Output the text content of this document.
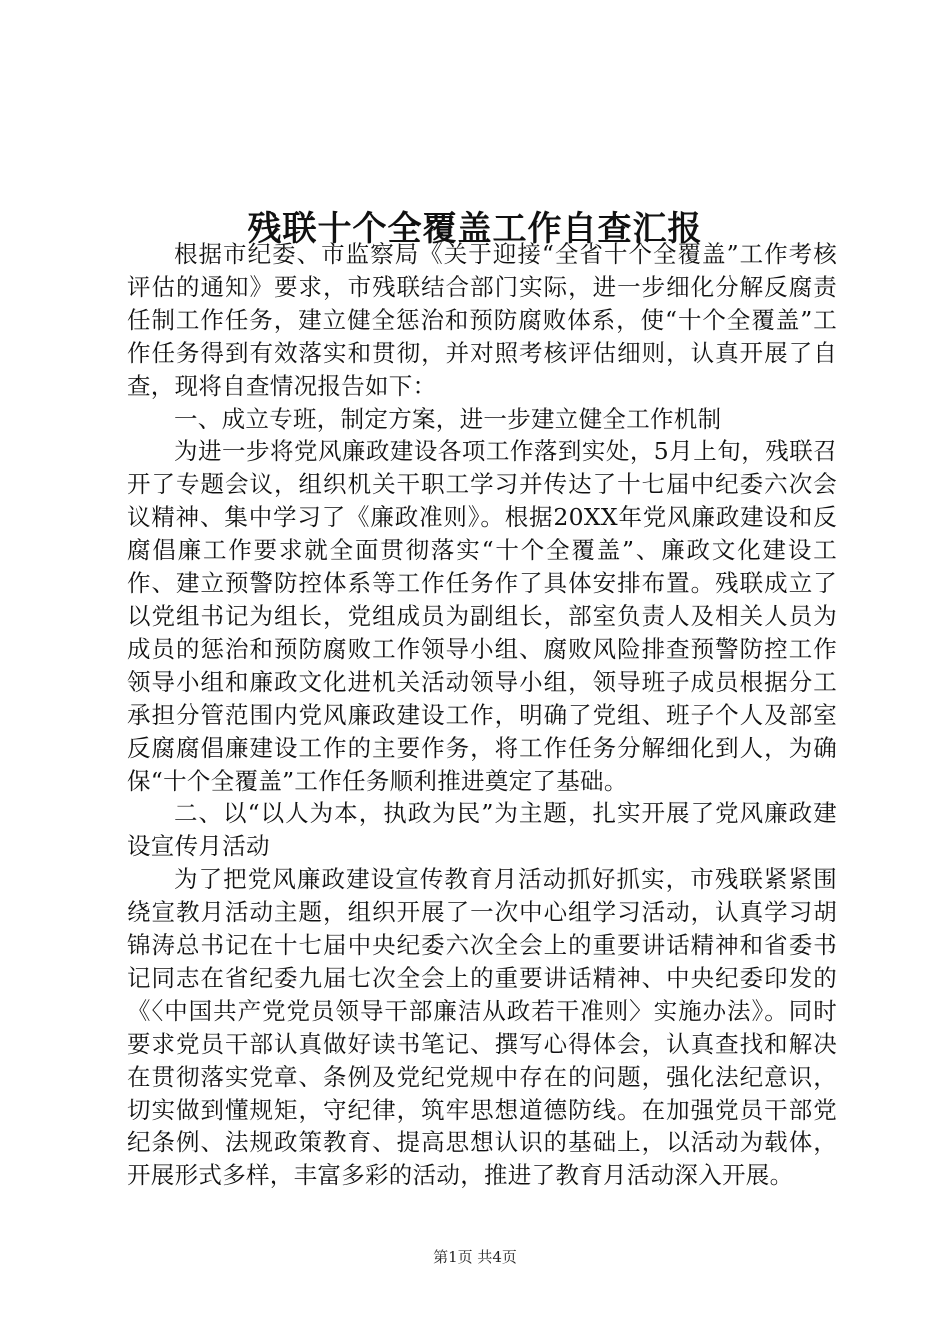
残联十个全覆盖工作自查汇报

根据市纪委、市监察局《关于迎接“全省十个全覆盖”工作考核评估的通知》要求，市残联结合部门实际，进一步细化分解反腐责任制工作任务，建立健全惩治和预防腐败体系，使“十个全覆盖”工作任务得到有效落实和贯彻，并对照考核评估细则，认真开展了自查，现将自查情况报告如下：

一、成立专班，制定方案，进一步建立健全工作机制

为进一步将党风廉政建设各项工作落到实处，5月上旬，残联召开了专题会议，组织机关干职工学习并传达了十七届中纪委六次会议精神、集中学习了《廉政准则》。根据20XX年党风廉政建设和反腐倡廉工作要求就全面贯彻落实“十个全覆盖”、廉政文化建设工作、建立预警防控体系等工作任务作了具体安排布置。残联成立了以党组书记为组长，党组成员为副组长，部室负责人及相关人员为成员的惩治和预防腐败工作领导小组、腐败风险排查预警防控工作领导小组和廉政文化进机关活动领导小组，领导班子成员根据分工承担分管范围内党风廉政建设工作，明确了党组、班子个人及部室反腐腐倡廉建设工作的主要作务，将工作任务分解细化到人，为确保“十个全覆盖”工作任务顺利推进奠定了基础。

二、以“以人为本，执政为民”为主题，扎实开展了党风廉政建设宣传月活动

为了把党风廉政建设宣传教育月活动抓好抓实，市残联紧紧围绕宣教月活动主题，组织开展了一次中心组学习活动，认真学习胡锦涛总书记在十七届中央纪委六次全会上的重要讲话精神和省委书记同志在省纪委九届七次全会上的重要讲话精神、中央纪委印发的《〈中国共产党党员领导干部廉洁从政若干准则〉实施办法》。同时要求党员干部认真做好读书笔记、撰写心得体会，认真查找和解决在贯彻落实党章、条例及党纪党规中存在的问题，强化法纪意识，切实做到懂规矩，守纪律，筑牢思想道德防线。在加强党员干部党纪条例、法规政策教育、提高思想认识的基础上，以活动为载体，开展形式多样，丰富多彩的活动，推进了教育月活动深入开展。

第1页 共4页
